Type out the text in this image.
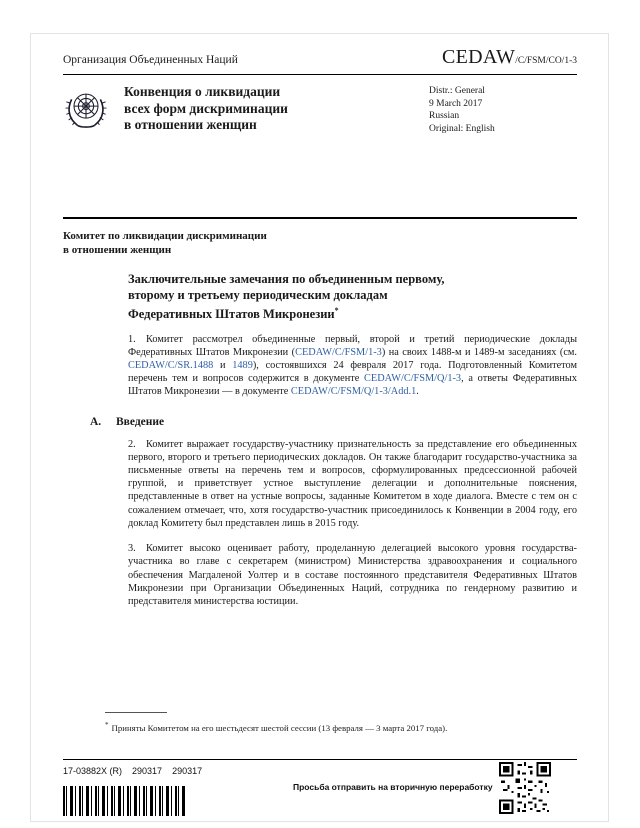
Организация Объединенных Наций	CEDAW/C/FSM/CO/1-3
Конвенция о ликвидации
всех форм дискриминации
в отношении женщин
Distr.: General
9 March 2017
Russian
Original: English
Комитет по ликвидации дискриминации
в отношении женщин
Заключительные замечания по объединенным первому,
второму и третьему периодическим докладам
Федеративных Штатов Микронезии*

1. Комитет рассмотрел объединенные первый, второй и третий периодические доклады Федеративных Штатов Микронезии (CEDAW/C/FSM/1-3) на своих 1488-м и 1489-м заседаниях (см. CEDAW/C/SR.1488 и 1489), состоявшихся 24 февраля 2017 года. Подготовленный Комитетом перечень тем и вопросов содержится в документе CEDAW/C/FSM/Q/1-3, а ответы Федеративных Штатов Микронезии — в документе CEDAW/C/FSM/Q/1-3/Add.1.

A.	Введение

2. Комитет выражает государству-участнику признательность за представление его объединенных первого, второго и третьего периодических докладов. Он также благодарит государство-участника за письменные ответы на перечень тем и вопросов, сформулированных предсессионной рабочей группой, и приветствует устное выступление делегации и дополнительные пояснения, представленные в ответ на устные вопросы, заданные Комитетом в ходе диалога. Вместе с тем он с сожалением отмечает, что, хотя государство-участник присоединилось к Конвенции в 2004 году, его доклад Комитету был представлен лишь в 2015 году.

3. Комитет высоко оценивает работу, проделанную делегацией высокого уровня государства-участника во главе с секретарем (министром) Министерства здравоохранения и социального обеспечения Магдаленой Уолтер и в составе постоянного представителя Федеративных Штатов Микронезии при Организации Объединенных Наций, сотрудника по гендерному развитию и представителя министерства юстиции.

* Приняты Комитетом на его шестьдесят шестой сессии (13 февраля — 3 марта 2017 года).
17-03882X (R)    290317    290317
Просьба отправить на вторичную переработку
